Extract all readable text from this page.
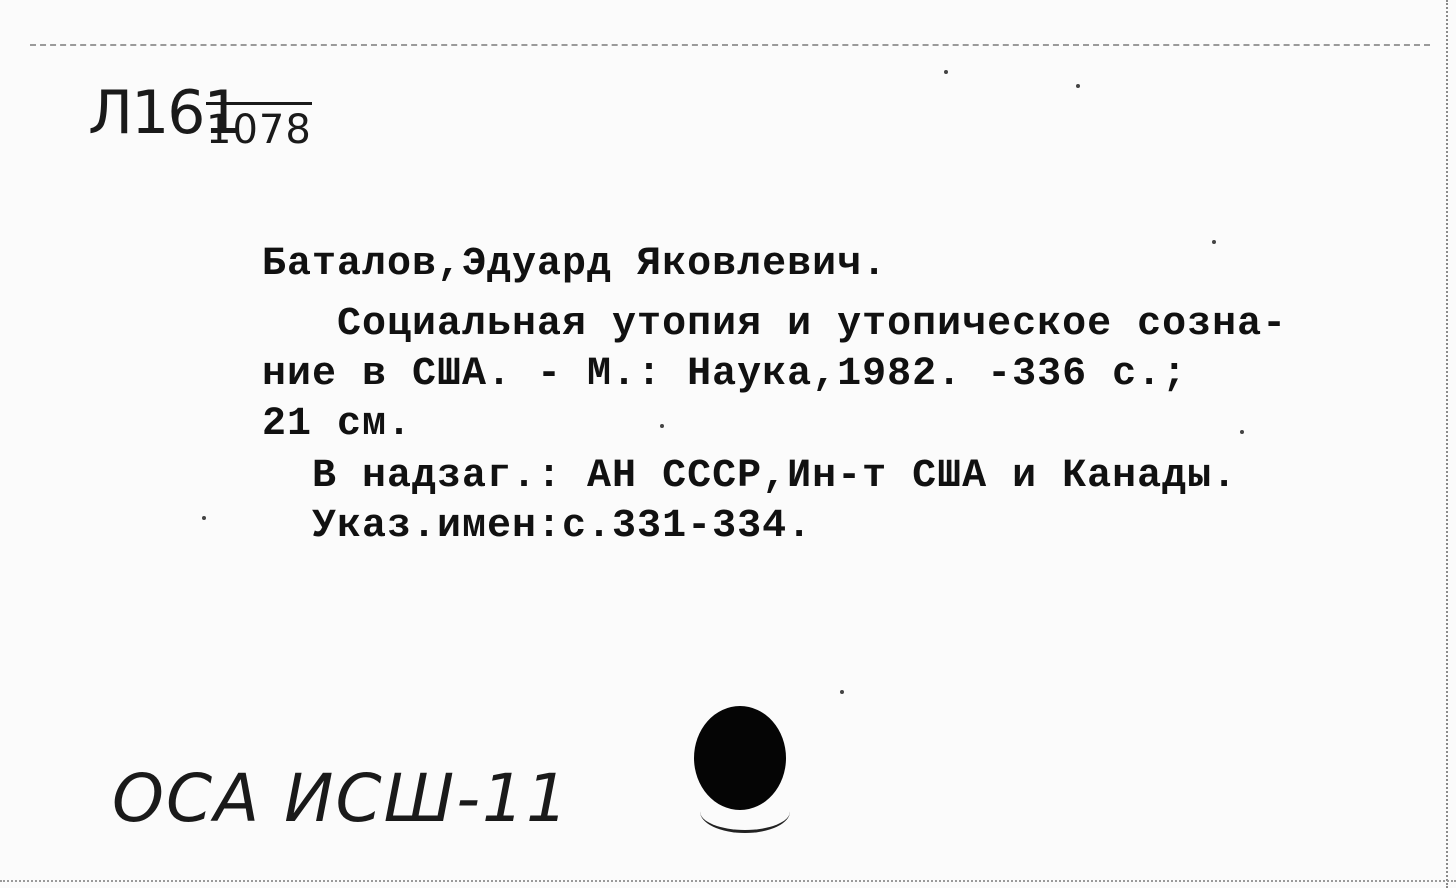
Л161
1078

Баталов,Эдуард Яковлевич.

Социальная утопия и утопическое созна-

ние в США. - М.: Наука,1982. -336 с.;

21 см.

В надзаг.: АН СССР,Ин-т США и Канады.

Указ.имен:с.331-334.

ОСА ИСШ-11
